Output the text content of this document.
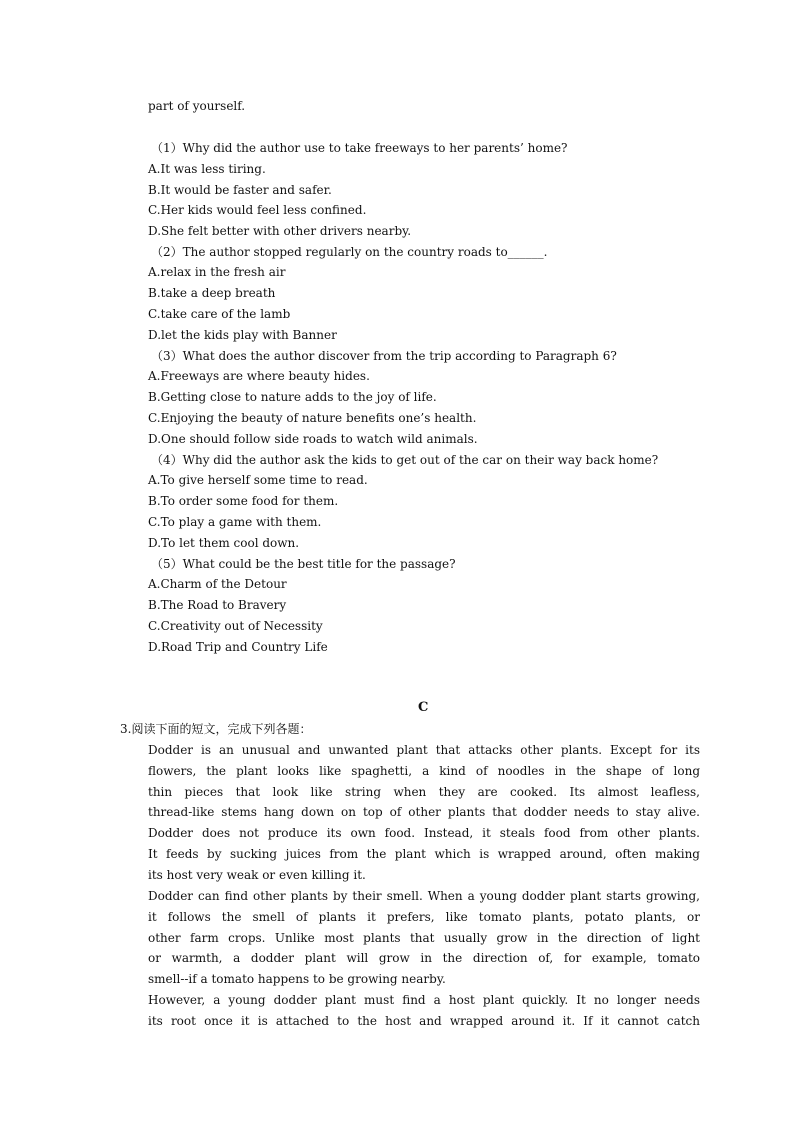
part of yourself.
（1）Why did the author use to take freeways to her parents’ home?
A.It was less tiring.
B.It would be faster and safer.
C.Her kids would feel less confined.
D.She felt better with other drivers nearby.
（2）The author stopped regularly on the country roads to______.
A.relax in the fresh air
B.take a deep breath
C.take care of the lamb
D.let the kids play with Banner
（3）What does the author discover from the trip according to Paragraph 6?
A.Freeways are where beauty hides.
B.Getting close to nature adds to the joy of life.
C.Enjoying the beauty of nature benefits one’s health.
D.One should follow side roads to watch wild animals.
（4）Why did the author ask the kids to get out of the car on their way back home?
A.To give herself some time to read.
B.To order some food for them.
C.To play a game with them.
D.To let them cool down.
（5）What could be the best title for the passage?
A.Charm of the Detour
B.The Road to Bravery
C.Creativity out of Necessity
D.Road Trip and Country Life
C
3.阅读下面的短文，完成下列各题：
Dodder is an unusual and unwanted plant that attacks other plants. Except for its
flowers, the plant looks like spaghetti, a kind of noodles in the shape of long
thin pieces that look like string when they are cooked. Its almost leafless,
thread-like stems hang down on top of other plants that dodder needs to stay alive.
Dodder does not produce its own food. Instead, it steals food from other plants.
It feeds by sucking juices from the plant which is wrapped around, often making
its host very weak or even killing it.
Dodder can find other plants by their smell. When a young dodder plant starts growing,
it follows the smell of plants it prefers, like tomato plants, potato plants, or
other farm crops. Unlike most plants that usually grow in the direction of light
or warmth, a dodder plant will grow in the direction of, for example, tomato
smell--if a tomato happens to be growing nearby.
However, a young dodder plant must find a host plant quickly. It no longer needs
its root once it is attached to the host and wrapped around it. If it cannot catch
